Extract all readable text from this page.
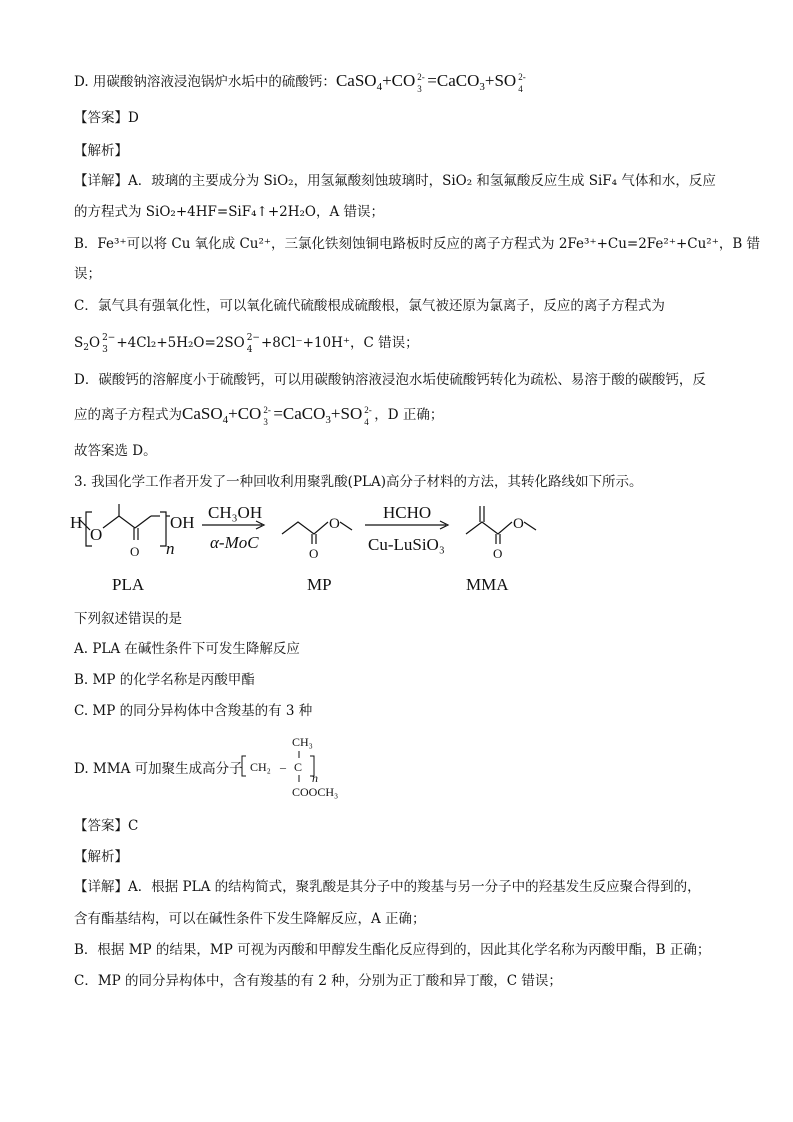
D. 用碳酸钠溶液浸泡锅炉水垢中的硫酸钙：CaSO$_4$+CO 2-
3 =CaCO$_3$+SO 2-
4
【答案】D
【解析】
【详解】A．玻璃的主要成分为 SiO₂，用氢氟酸刻蚀玻璃时，SiO₂ 和氢氟酸反应生成 SiF₄ 气体和水，反应
的方程式为 SiO₂+4HF=SiF₄↑+2H₂O，A 错误；
B．Fe³⁺可以将 Cu 氧化成 Cu²⁺，三氯化铁刻蚀铜电路板时反应的离子方程式为 2Fe³⁺+Cu=2Fe²⁺+Cu²⁺，B 错
误；
C．氯气具有强氧化性，可以氧化硫代硫酸根成硫酸根，氯气被还原为氯离子，反应的离子方程式为
$S_2O$ 2−
3 +4Cl₂+5H₂O=2SO 2−
4 +8Cl⁻+10H⁺，C 错误；
D．碳酸钙的溶解度小于硫酸钙，可以用碳酸钠溶液浸泡水垢使硫酸钙转化为疏松、易溶于酸的碳酸钙，反
应的离子方程式为CaSO$_4$+CO 2-
3 =CaCO$_3$+SO 2-
4 ，D 正确；
故答案选 D。
3. 我国化学工作者开发了一种回收利用聚乳酸(PLA)高分子材料的方法，其转化路线如下所示。
H
O
OH
n
O
CH₃OH
α-MoC
O
O
HCHO
Cu-LuSiO₃
O
O
PLA	MP	MMA
下列叙述错误的是
A. PLA 在碱性条件下可发生降解反应
B. MP 的化学名称是丙酸甲酯
C. MP 的同分异构体中含羧基的有 3 种
D. MMA 可加聚生成高分子
CH₃
CH₂ – C
n
COOCH₃
【答案】C
【解析】
【详解】A．根据 PLA 的结构简式，聚乳酸是其分子中的羧基与另一分子中的羟基发生反应聚合得到的，
含有酯基结构，可以在碱性条件下发生降解反应，A 正确；
B．根据 MP 的结果，MP 可视为丙酸和甲醇发生酯化反应得到的，因此其化学名称为丙酸甲酯，B 正确；
C．MP 的同分异构体中，含有羧基的有 2 种，分别为正丁酸和异丁酸，C 错误；
